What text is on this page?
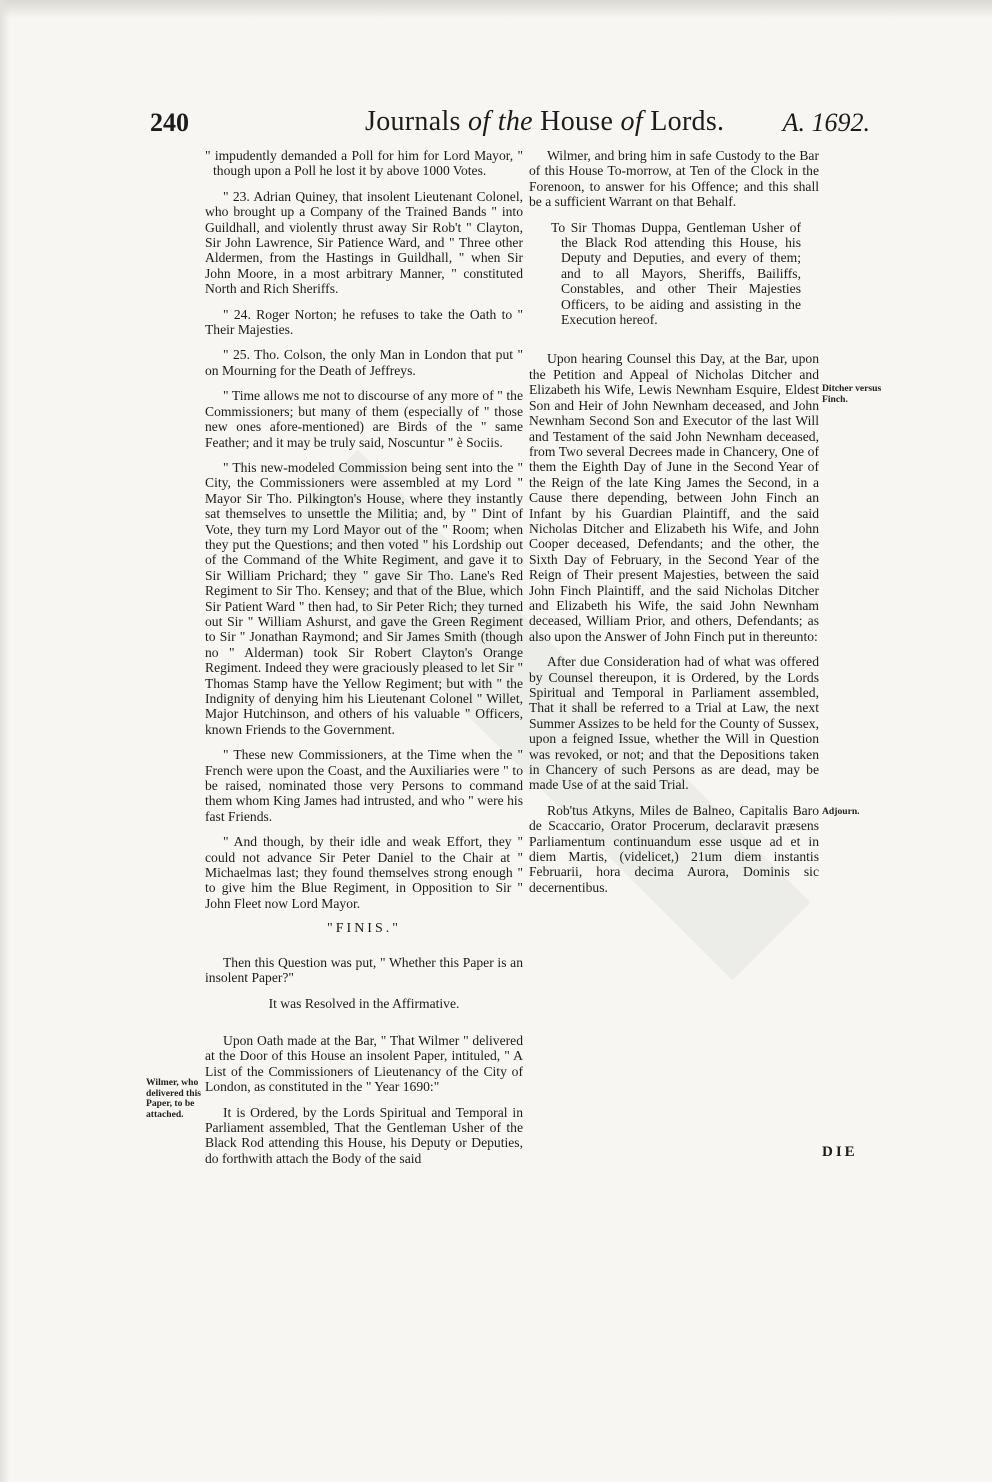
240	Journals of the House of Lords. A. 1692.

" impudently demanded a Poll for him for Lord Mayor, " though upon a Poll he lost it by above 1000 Votes.

" 23. Adrian Quiney, that insolent Lieutenant Colonel, who brought up a Company of the Trained Bands " into Guildhall, and violently thrust away Sir Rob't " Clayton, Sir John Lawrence, Sir Patience Ward, and " Three other Aldermen, from the Hastings in Guildhall, " when Sir John Moore, in a most arbitrary Manner, " constituted North and Rich Sheriffs.

" 24. Roger Norton; he refuses to take the Oath to " Their Majesties.

" 25. Tho. Colson, the only Man in London that put " on Mourning for the Death of Jeffreys.

" Time allows me not to discourse of any more of " the Commissioners; but many of them (especially of " those new ones afore-mentioned) are Birds of the " same Feather; and it may be truly said, Noscuntur " è Sociis.

" This new-modeled Commission being sent into the " City, the Commissioners were assembled at my Lord " Mayor Sir Tho. Pilkington's House, where they instantly sat themselves to unsettle the Militia; and, by " Dint of Vote, they turn my Lord Mayor out of the " Room; when they put the Questions; and then voted " his Lordship out of the Command of the White Regiment, and gave it to Sir William Prichard; they " gave Sir Tho. Lane's Red Regiment to Sir Tho. Kensey; and that of the Blue, which Sir Patient Ward " then had, to Sir Peter Rich; they turned out Sir " William Ashurst, and gave the Green Regiment to Sir " Jonathan Raymond; and Sir James Smith (though no " Alderman) took Sir Robert Clayton's Orange Regiment. Indeed they were graciously pleased to let Sir " Thomas Stamp have the Yellow Regiment; but with " the Indignity of denying him his Lieutenant Colonel " Willet, Major Hutchinson, and others of his valuable " Officers, known Friends to the Government.

" These new Commissioners, at the Time when the " French were upon the Coast, and the Auxiliaries were " to be raised, nominated those very Persons to command them whom King James had intrusted, and who " were his fast Friends.

" And though, by their idle and weak Effort, they " could not advance Sir Peter Daniel to the Chair at " Michaelmas last; they found themselves strong enough " to give him the Blue Regiment, in Opposition to Sir " John Fleet now Lord Mayor.

"FINIS."

Then this Question was put, " Whether this Paper is an insolent Paper?"

It was Resolved in the Affirmative.

Upon Oath made at the Bar, " That Wilmer " delivered at the Door of this House an insolent Paper, intituled, " A List of the Commissioners of Lieutenancy of the City of London, as constituted in the " Year 1690:"

It is Ordered, by the Lords Spiritual and Temporal in Parliament assembled, That the Gentleman Usher of the Black Rod attending this House, his Deputy or Deputies, do forthwith attach the Body of the said

Wilmer, and bring him in safe Custody to the Bar of this House To-morrow, at Ten of the Clock in the Forenoon, to answer for his Offence; and this shall be a sufficient Warrant on that Behalf.

To Sir Thomas Duppa, Gentleman Usher of the Black Rod attending this House, his Deputy and Deputies, and every of them; and to all Mayors, Sheriffs, Bailiffs, Constables, and other Their Majesties Officers, to be aiding and assisting in the Execution hereof.

Upon hearing Counsel this Day, at the Bar, upon the Petition and Appeal of Nicholas Ditcher and Elizabeth his Wife, Lewis Newnham Esquire, Eldest Son and Heir of John Newnham deceased, and John Newnham Second Son and Executor of the last Will and Testament of the said John Newnham deceased, from Two several Decrees made in Chancery, One of them the Eighth Day of June in the Second Year of the Reign of the late King James the Second, in a Cause there depending, between John Finch an Infant by his Guardian Plaintiff, and the said Nicholas Ditcher and Elizabeth his Wife, and John Cooper deceased, Defendants; and the other, the Sixth Day of February, in the Second Year of the Reign of Their present Majesties, between the said John Finch Plaintiff, and the said Nicholas Ditcher and Elizabeth his Wife, the said John Newnham deceased, William Prior, and others, Defendants; as also upon the Answer of John Finch put in thereunto:

After due Consideration had of what was offered by Counsel thereupon, it is Ordered, by the Lords Spiritual and Temporal in Parliament assembled, That it shall be referred to a Trial at Law, the next Summer Assizes to be held for the County of Sussex, upon a feigned Issue, whether the Will in Question was revoked, or not; and that the Depositions taken in Chancery of such Persons as are dead, may be made Use of at the said Trial.

Rob'tus Atkyns, Miles de Balneo, Capitalis Baro de Scaccario, Orator Procerum, declaravit præsens Parliamentum continuandum esse usque ad et in diem Martis, (videlicet,) 21um diem instantis Februarii, hora decima Aurora, Dominis sic decernentibus.

Wilmer, who delivered this Paper, to be attached.
Ditcher versus Finch.
Adjourn.
DIE
